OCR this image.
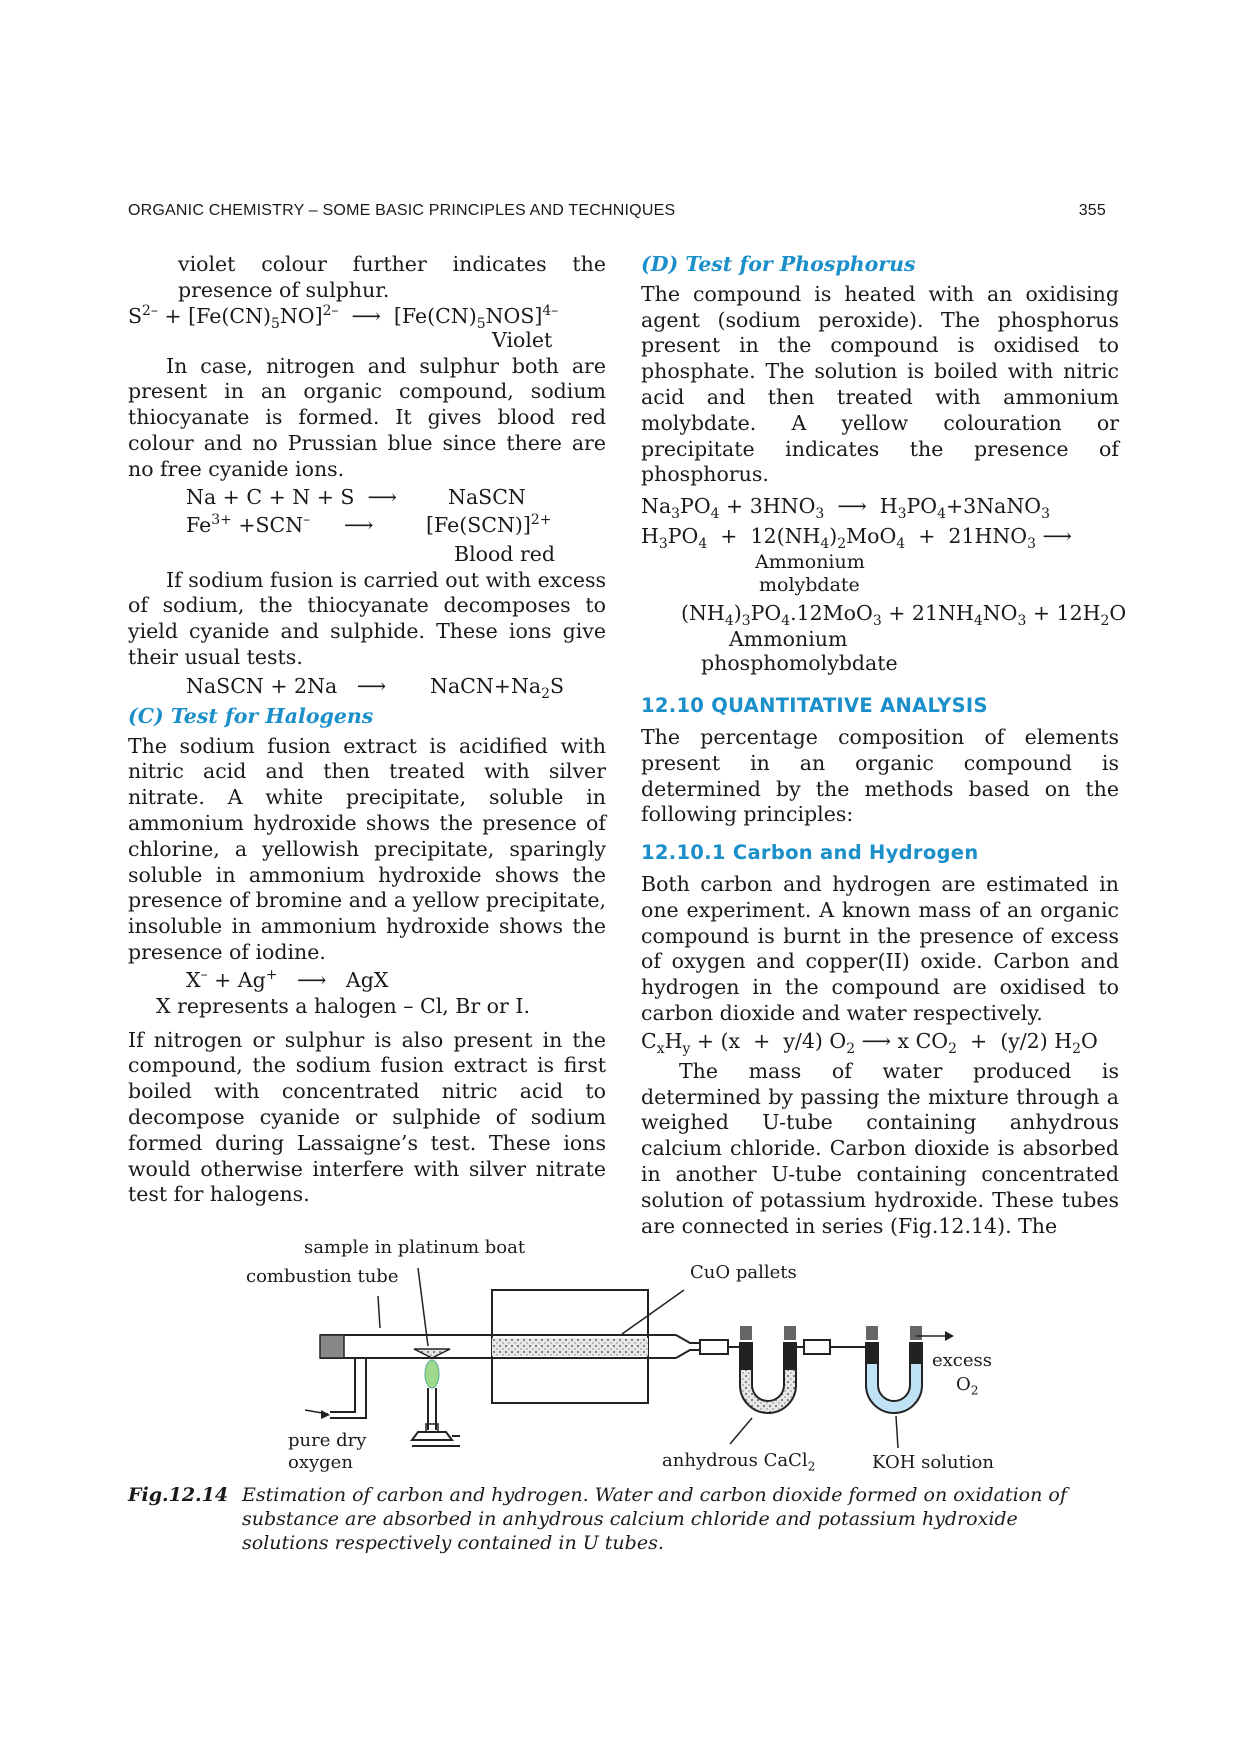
ORGANIC CHEMISTRY – SOME BASIC PRINCIPLES AND TECHNIQUES	355

violet colour further indicates the presence of sulphur.

$S^{2-} + [Fe(CN)_5NO]^{2-}$  ⟶  $[Fe(CN)_5NOS]^{4-}$
Violet

In case, nitrogen and sulphur both are present in an organic compound, sodium thiocyanate is formed. It gives blood red colour and no Prussian blue since there are no free cyanide ions.

Na + C + N + S  ⟶ NaSCN
$Fe^{3+} +SCN^-$ ⟶	$[Fe(SCN)]^{2+}$
Blood red

If sodium fusion is carried out with excess of sodium, the thiocyanate decomposes to yield cyanide and sulphide. These ions give their usual tests.

NaSCN + 2Na   ⟶ $NaCN+Na_2S$

(C) Test for Halogens

The sodium fusion extract is acidified with nitric acid and then treated with silver nitrate. A white precipitate, soluble in ammonium hydroxide shows the presence of chlorine, a yellowish precipitate, sparingly soluble in ammonium hydroxide shows the presence of bromine and a yellow precipitate, insoluble in ammonium hydroxide shows the presence of iodine.

X– + Ag+   ⟶   AgX

X represents a halogen – Cl, Br or I.

If nitrogen or sulphur is also present in the compound, the sodium fusion extract is first boiled with concentrated nitric acid to decompose cyanide or sulphide of sodium formed during Lassaigne’s test. These ions would otherwise interfere with silver nitrate test for halogens.

(D) Test for Phosphorus

The compound is heated with an oxidising agent (sodium peroxide). The phosphorus present in the compound is oxidised to phosphate. The solution is boiled with nitric acid and then treated with ammonium molybdate. A yellow colouration or precipitate indicates the presence of phosphorus.

$Na_3PO_4 + 3HNO_3$  ⟶  $H_3PO_4+3NaNO_3$
$H_3PO_4 + 12(NH_4)_2MoO_4 + 21HNO_3$ ⟶
Ammonium
molybdate
$(NH_4)_3PO_4.12MoO_3 + 21NH_4NO_3 + 12H_2O$
Ammonium
phosphomolybdate

12.10 QUANTITATIVE ANALYSIS

The percentage composition of elements present in an organic compound is determined by the methods based on the following principles:

12.10.1 Carbon and Hydrogen

Both carbon and hydrogen are estimated in one experiment. A known mass of an organic compound is burnt in the presence of excess of oxygen and copper(II) oxide. Carbon and hydrogen in the compound are oxidised to carbon dioxide and water respectively.

$C_xH_y + (x + y/4)$ $O_2$ ⟶ x $CO_2 + (y/2)$ $H_2O$

The mass of water produced is determined by passing the mixture through a weighed U-tube containing anhydrous calcium chloride. Carbon dioxide is absorbed in another U-tube containing concentrated solution of potassium hydroxide. These tubes are connected in series (Fig.12.14). The

sample in platinum boat
combustion tube	CuO pallets
excess
$O_2$
pure dry
oxygen	anhydrous CaCl$_2$	KOH solution
Fig.12.14 Estimation of carbon and hydrogen. Water and carbon dioxide formed on oxidation of substance are absorbed in anhydrous calcium chloride and potassium hydroxide solutions respectively contained in U tubes.
